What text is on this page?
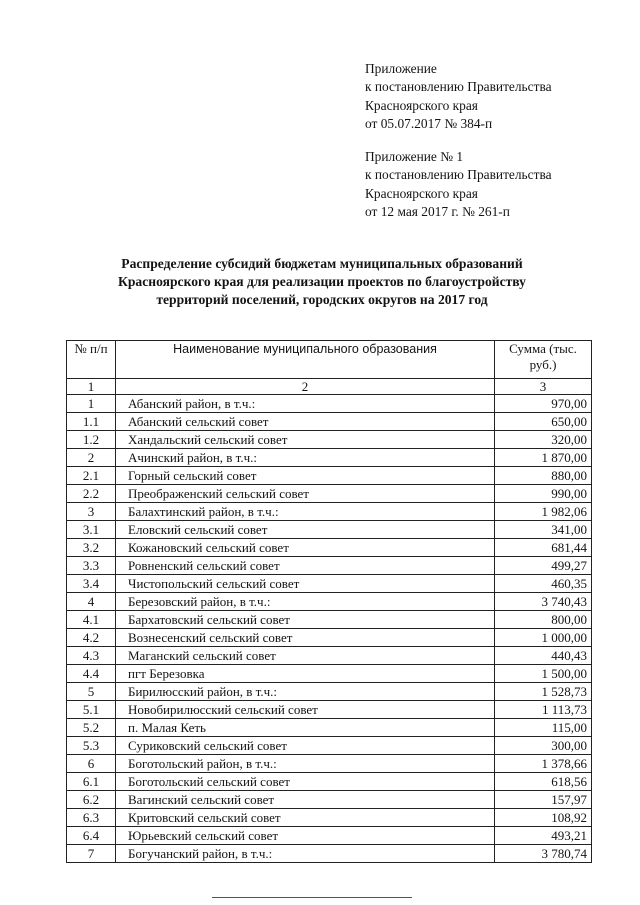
Приложение
к постановлению Правительства
Красноярского края
от 05.07.2017 № 384-п
Приложение № 1
к постановлению Правительства
Красноярского края
от 12 мая 2017 г. № 261-п
Распределение субсидий бюджетам муниципальных образований
Красноярского края для реализации проектов по благоустройству
территорий поселений, городских округов на 2017 год
№ п/п	Наименование муниципального образования	Сумма (тыс. руб.)
1	2	3
1	Абанский район, в т.ч.:	970,00
1.1	Абанский сельский совет	650,00
1.2	Хандальский сельский совет	320,00
2	Ачинский район, в т.ч.:	1 870,00
2.1	Горный сельский совет	880,00
2.2	Преображенский сельский совет	990,00
3	Балахтинский район, в т.ч.:	1 982,06
3.1	Еловский сельский совет	341,00
3.2	Кожановский сельский совет	681,44
3.3	Ровненский сельский совет	499,27
3.4	Чистопольский сельский совет	460,35
4	Березовский район, в т.ч.:	3 740,43
4.1	Бархатовский сельский совет	800,00
4.2	Вознесенский сельский совет	1 000,00
4.3	Маганский сельский совет	440,43
4.4	пгт Березовка	1 500,00
5	Бирилюсский район, в т.ч.:	1 528,73
5.1	Новобирилюсский сельский совет	1 113,73
5.2	п. Малая Кеть	115,00
5.3	Суриковский сельский совет	300,00
6	Боготольский район, в т.ч.:	1 378,66
6.1	Боготольский сельский совет	618,56
6.2	Вагинский сельский совет	157,97
6.3	Критовский сельский совет	108,92
6.4	Юрьевский сельский совет	493,21
7	Богучанский район, в т.ч.:	3 780,74
